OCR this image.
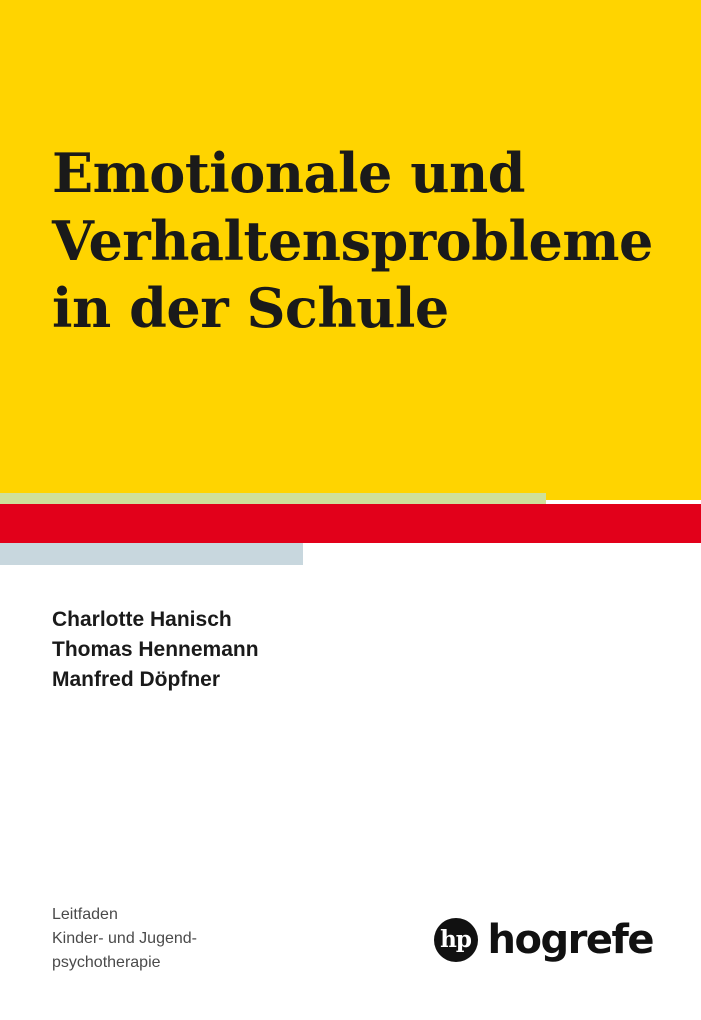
Emotionale und
Verhaltensprobleme
in der Schule
Charlotte Hanisch
Thomas Hennemann
Manfred Döpfner
Leitfaden
Kinder- und Jugend-
psychotherapie
hp hogrefe
